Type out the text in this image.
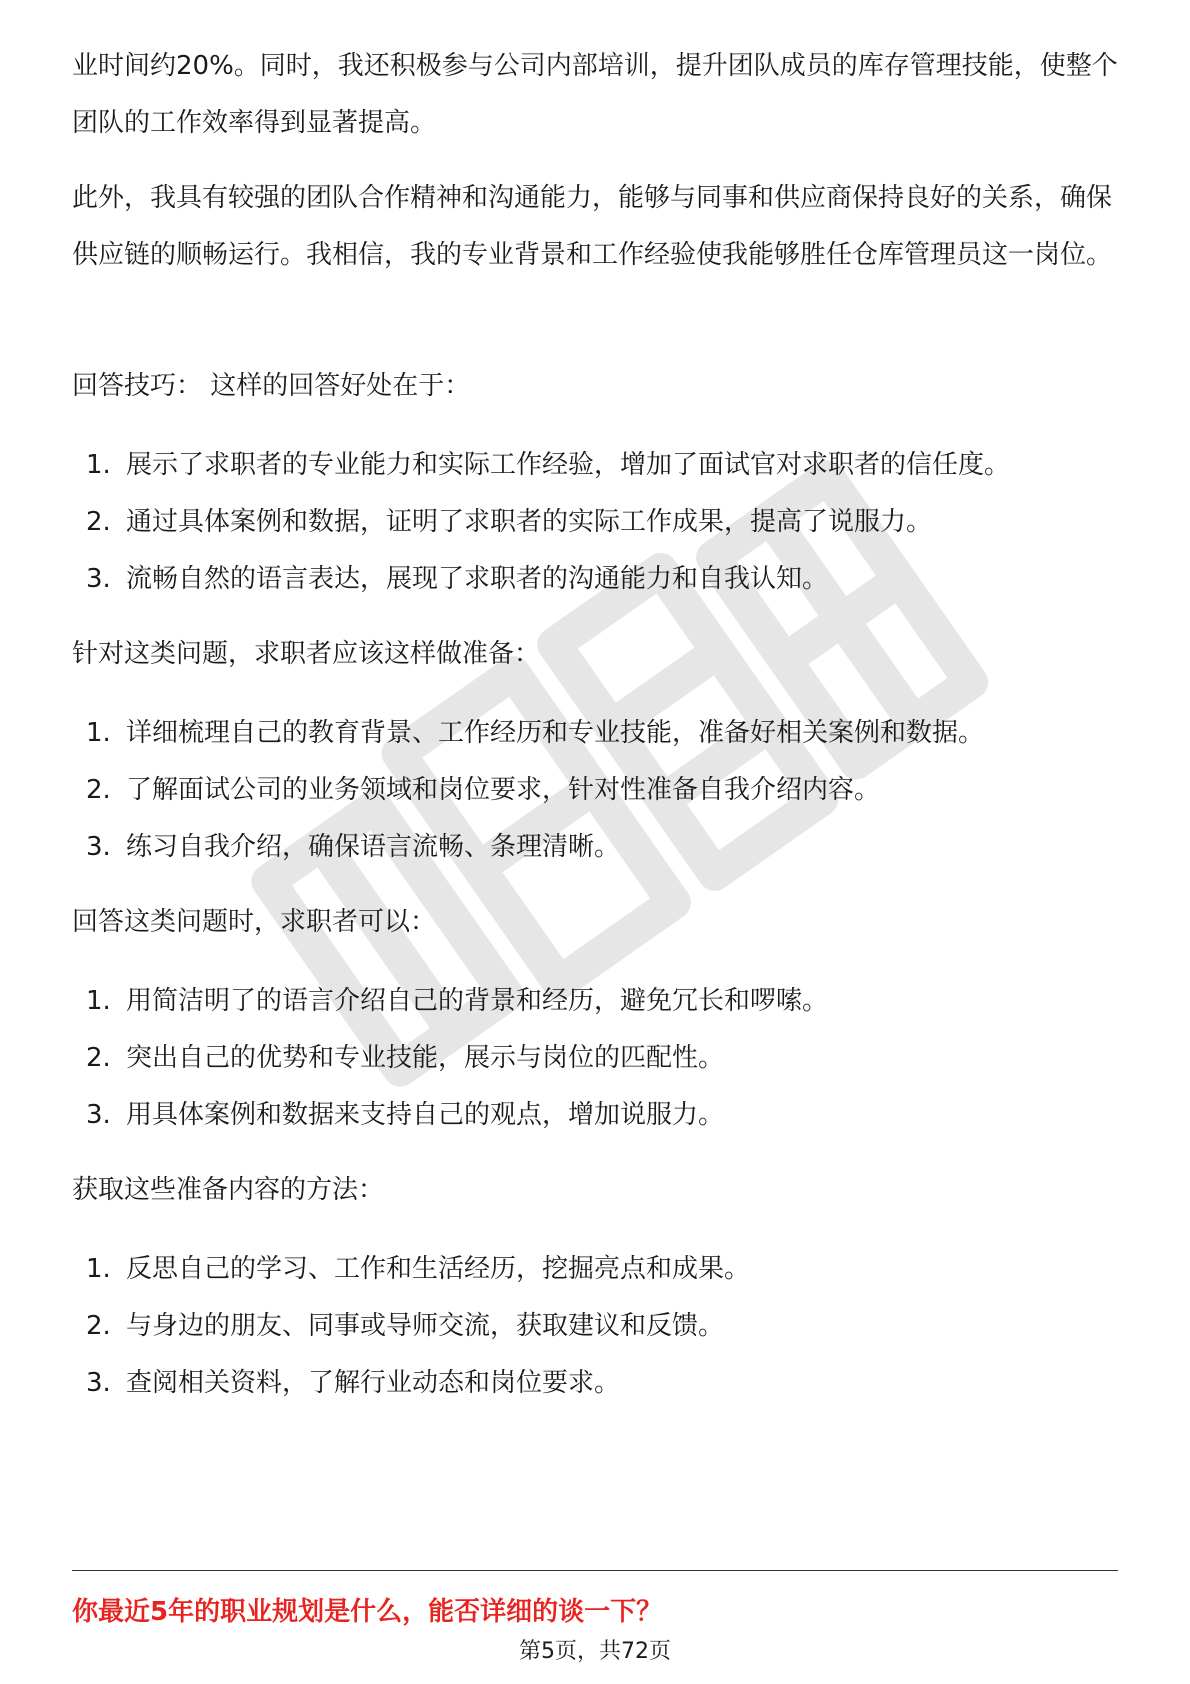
业时间约20%。同时，我还积极参与公司内部培训，提升团队成员的库存管理技能，使整个团队的工作效率得到显著提高。

此外，我具有较强的团队合作精神和沟通能力，能够与同事和供应商保持良好的关系，确保供应链的顺畅运行。我相信，我的专业背景和工作经验使我能够胜任仓库管理员这一岗位。

回答技巧： 这样的回答好处在于：

1. 展示了求职者的专业能力和实际工作经验，增加了面试官对求职者的信任度。
2. 通过具体案例和数据，证明了求职者的实际工作成果，提高了说服力。
3. 流畅自然的语言表达，展现了求职者的沟通能力和自我认知。

针对这类问题，求职者应该这样做准备：

1. 详细梳理自己的教育背景、工作经历和专业技能，准备好相关案例和数据。
2. 了解面试公司的业务领域和岗位要求，针对性准备自我介绍内容。
3. 练习自我介绍，确保语言流畅、条理清晰。

回答这类问题时，求职者可以：

1. 用简洁明了的语言介绍自己的背景和经历，避免冗长和啰嗦。
2. 突出自己的优势和专业技能，展示与岗位的匹配性。
3. 用具体案例和数据来支持自己的观点，增加说服力。

获取这些准备内容的方法：

1. 反思自己的学习、工作和生活经历，挖掘亮点和成果。
2. 与身边的朋友、同事或导师交流，获取建议和反馈。
3. 查阅相关资料，了解行业动态和岗位要求。

你最近5年的职业规划是什么，能否详细的谈一下？

第5页，共72页
